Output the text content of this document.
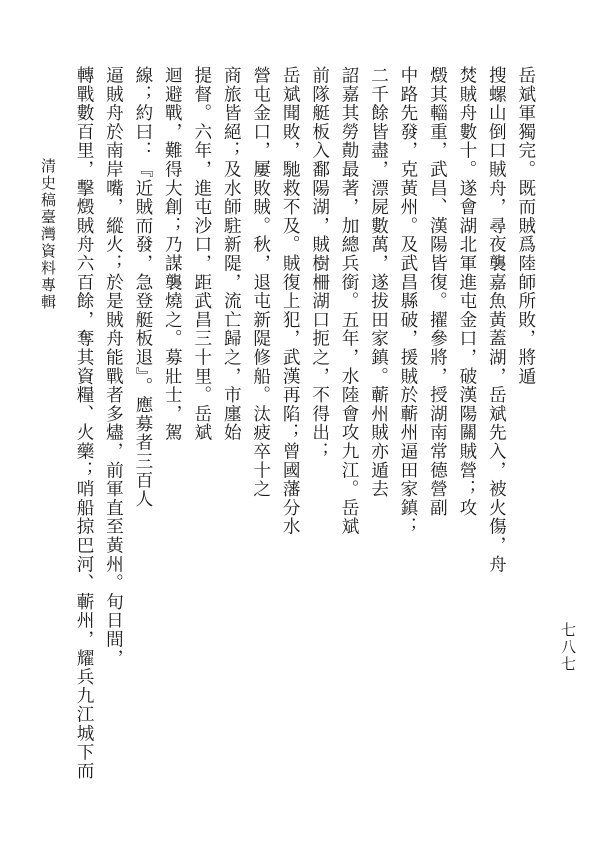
清史稿臺灣資料專輯
七八七
岳斌軍獨完。既而賊爲陸師所敗，將遁
搜螺山倒口賊舟，尋夜襲嘉魚黃蓋湖，岳斌先入，被火傷，舟
焚賊舟數十。遂會湖北軍進屯金口，破漢陽關賊營；攻
燬其輜重，武昌、漢陽皆復。擢參將，授湖南常德營副
中路先發，克黃州。及武昌縣破，援賊於蘄州逼田家鎮；
二千餘皆盡，漂屍數萬，遂拔田家鎮。蘄州賊亦遁去
詔嘉其勞勣最著，加總兵銜。五年，水陸會攻九江。岳斌
前隊艇板入鄱陽湖，賊樹柵湖口扼之，不得出；
岳斌聞敗，馳救不及。賊復上犯，武漢再陷；曾國藩分水
營屯金口，屢敗賊。秋，退屯新隄修船。汰疲卒十之
商旅皆絕；及水師駐新隄，流亡歸之，市廛始
提督。六年，進屯沙口，距武昌三十里。岳斌
迴避戰，難得大創；乃謀襲燒之。募壯士，駕
線；約曰：『近賊而發，急登艇板退』。應募者三百人
逼賊舟於南岸嘴，縱火；於是賊舟能戰者多燼，前軍直至黃州。旬日間，
轉戰數百里，擊燬賊舟六百餘，奪其資糧、火藥；哨船掠巴河、蘄州，耀兵九江城下而
